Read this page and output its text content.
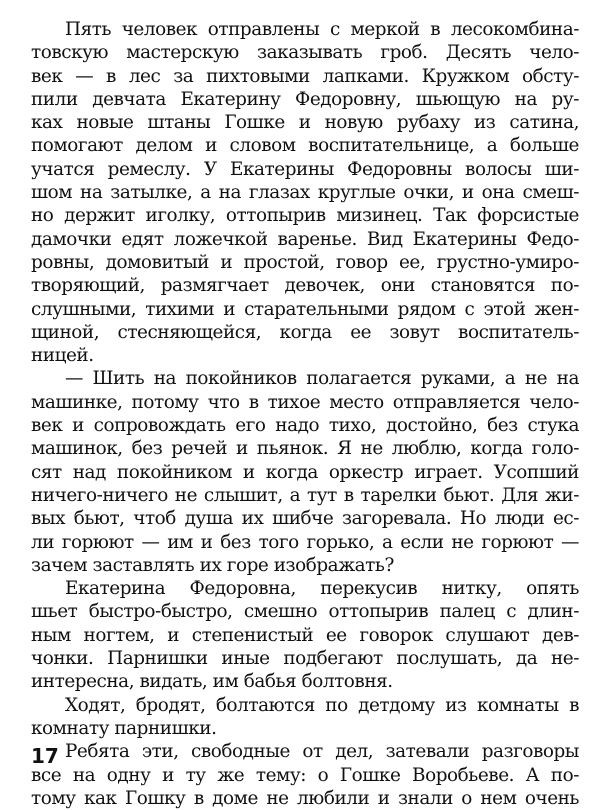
Пять человек отправлены с меркой в лесокомбина-
товскую мастерскую заказывать гроб. Десять чело-
век — в лес за пихтовыми лапками. Кружком обсту-
пили девчата Екатерину Федоровну, шьющую на ру-
ках новые штаны Гошке и новую рубаху из сатина,
помогают делом и словом воспитательнице, а больше
учатся ремеслу. У Екатерины Федоровны волосы ши-
шом на затылке, а на глазах круглые очки, и она смеш-
но держит иголку, оттопырив мизинец. Так форсистые
дамочки едят ложечкой варенье. Вид Екатерины Федо-
ровны, домовитый и простой, говор ее, грустно-умиро-
творяющий, размягчает девочек, они становятся по-
слушными, тихими и старательными рядом с этой жен-
щиной, стесняющейся, когда ее зовут воспитатель-
ницей.
— Шить на покойников полагается руками, а не на
машинке, потому что в тихое место отправляется чело-
век и сопровождать его надо тихо, достойно, без стука
машинок, без речей и пьянок. Я не люблю, когда голо-
сят над покойником и когда оркестр играет. Усопший
ничего-ничего не слышит, а тут в тарелки бьют. Для жи-
вых бьют, чтоб душа их шибче загоревала. Но люди ес-
ли горюют — им и без того горько, а если не горюют —
зачем заставлять их горе изображать?
Екатерина Федоровна, перекусив нитку, опять
шьет быстро-быстро, смешно оттопырив палец с длин-
ным ногтем, и степенистый ее говорок слушают дев-
чонки. Парнишки иные подбегают послушать, да не-
интересна, видать, им бабья болтовня.
Ходят, бродят, болтаются по детдому из комнаты в
комнату парнишки.
Ребята эти, свободные от дел, затевали разговоры
все на одну и ту же тему: о Гошке Воробьеве. А по-
тому как Гошку в доме не любили и знали о нем очень
17
